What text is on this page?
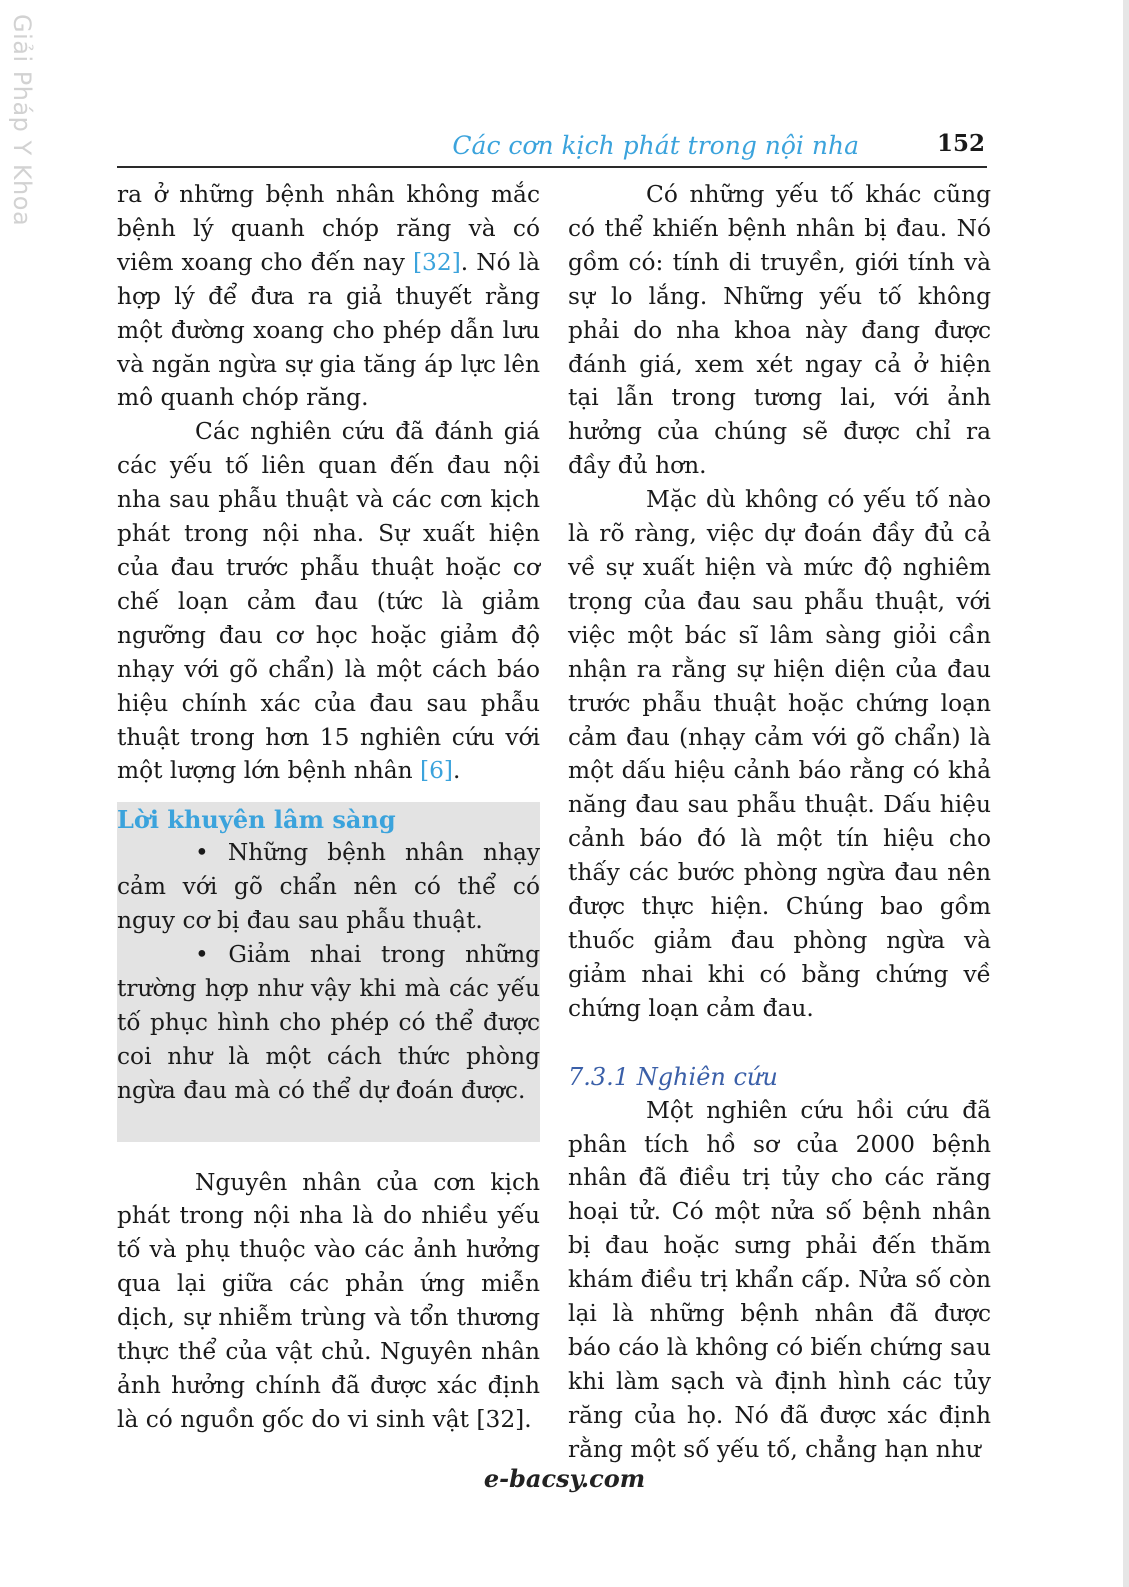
Giải Pháp Y Khoa	Các cơn kịch phát trong nội nha	152

ra ở những bệnh nhân không mắc bệnh lý quanh chóp răng và có viêm xoang cho đến nay [32]. Nó là hợp lý để đưa ra giả thuyết rằng một đường xoang cho phép dẫn lưu và ngăn ngừa sự gia tăng áp lực lên mô quanh chóp răng.

Các nghiên cứu đã đánh giá các yếu tố liên quan đến đau nội nha sau phẫu thuật và các cơn kịch phát trong nội nha. Sự xuất hiện của đau trước phẫu thuật hoặc cơ chế loạn cảm đau (tức là giảm ngưỡng đau cơ học hoặc giảm độ nhạy với gõ chẩn) là một cách báo hiệu chính xác của đau sau phẫu thuật trong hơn 15 nghiên cứu với một lượng lớn bệnh nhân [6].

Lời khuyên lâm sàng

• Những bệnh nhân nhạy cảm với gõ chẩn nên có thể có nguy cơ bị đau sau phẫu thuật.

• Giảm nhai trong những trường hợp như vậy khi mà các yếu tố phục hình cho phép có thể được coi như là một cách thức phòng ngừa đau mà có thể dự đoán được.

Nguyên nhân của cơn kịch phát trong nội nha là do nhiều yếu tố và phụ thuộc vào các ảnh hưởng qua lại giữa các phản ứng miễn dịch, sự nhiễm trùng và tổn thương thực thể của vật chủ. Nguyên nhân ảnh hưởng chính đã được xác định là có nguồn gốc do vi sinh vật [32].

Có những yếu tố khác cũng có thể khiến bệnh nhân bị đau. Nó gồm có: tính di truyền, giới tính và sự lo lắng. Những yếu tố không phải do nha khoa này đang được đánh giá, xem xét ngay cả ở hiện tại lẫn trong tương lai, với ảnh hưởng của chúng sẽ được chỉ ra đầy đủ hơn.

Mặc dù không có yếu tố nào là rõ ràng, việc dự đoán đầy đủ cả về sự xuất hiện và mức độ nghiêm trọng của đau sau phẫu thuật, với việc một bác sĩ lâm sàng giỏi cần nhận ra rằng sự hiện diện của đau trước phẫu thuật hoặc chứng loạn cảm đau (nhạy cảm với gõ chẩn) là một dấu hiệu cảnh báo rằng có khả năng đau sau phẫu thuật. Dấu hiệu cảnh báo đó là một tín hiệu cho thấy các bước phòng ngừa đau nên được thực hiện. Chúng bao gồm thuốc giảm đau phòng ngừa và giảm nhai khi có bằng chứng về chứng loạn cảm đau.

7.3.1 Nghiên cứu

Một nghiên cứu hồi cứu đã phân tích hồ sơ của 2000 bệnh nhân đã điều trị tủy cho các răng hoại tử. Có một nửa số bệnh nhân bị đau hoặc sưng phải đến thăm khám điều trị khẩn cấp. Nửa số còn lại là những bệnh nhân đã được báo cáo là không có biến chứng sau khi làm sạch và định hình các tủy răng của họ. Nó đã được xác định rằng một số yếu tố, chẳng hạn như

e-bacsy.com
